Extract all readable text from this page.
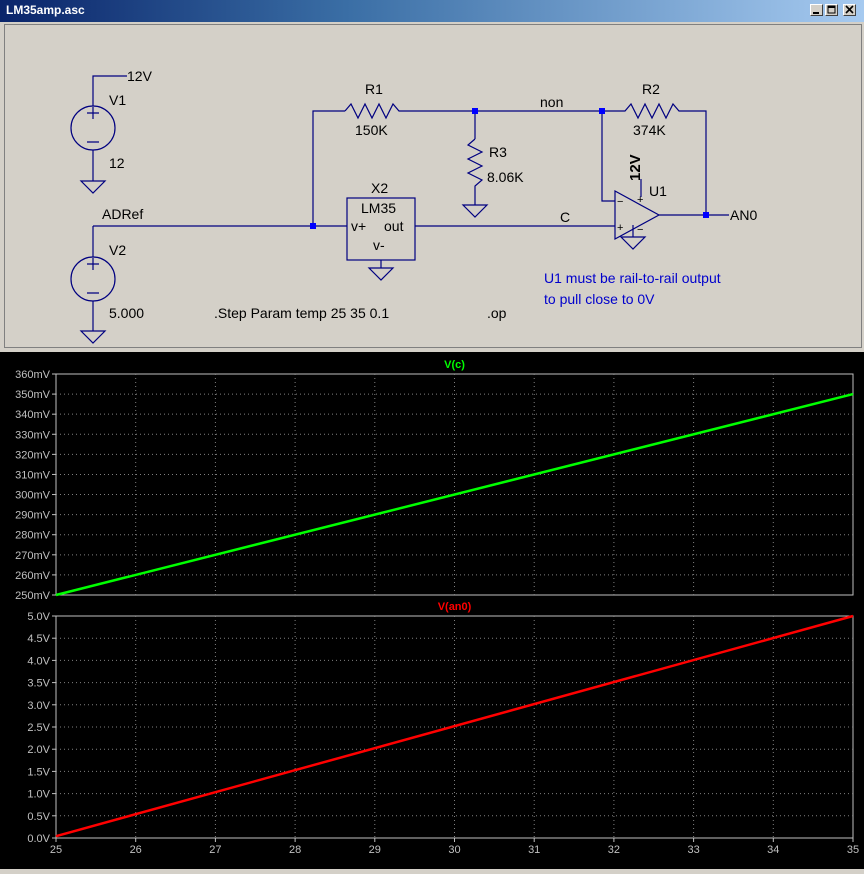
LM35amp.asc
−
+
+
−
12V
V1
12
ADRef
V2
5.000
R1
150K
non
R2
374K
R3
8.06K
X2
LM35
v+ out
v-
C
U1
AN0
.Step Param temp 25 35 0.1	.op
12V
U1 must be rail-to-rail output
to pull close to 0V
250mV
260mV
270mV
280mV
290mV
300mV
310mV
320mV
330mV
340mV
350mV
360mV
V(c)
0.0V
0.5V
1.0V
1.5V
2.0V
2.5V
3.0V
3.5V
4.0V
4.5V
5.0V
25	26	27	28	29	30	31	32	33	34	35
V(an0)
